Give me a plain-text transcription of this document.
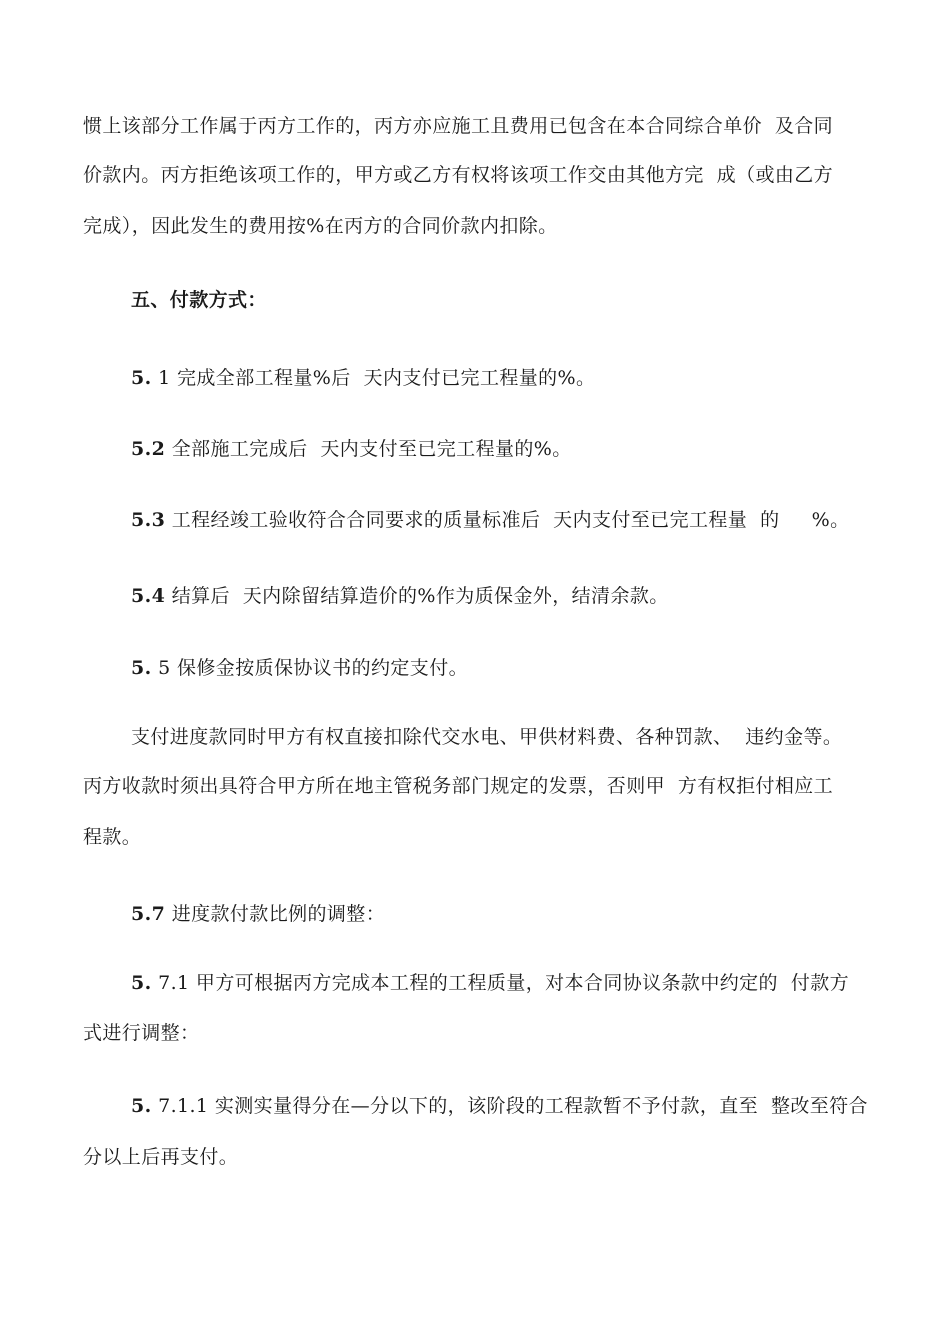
惯上该部分工作属于丙方工作的，丙方亦应施工且费用已包含在本合同综合单价  及合同
价款内。丙方拒绝该项工作的，甲方或乙方有权将该项工作交由其他方完  成（或由乙方
完成），因此发生的费用按%在丙方的合同价款内扣除。
五、付款方式：
5. 1 完成全部工程量%后  天内支付已完工程量的%。
5.2 全部施工完成后  天内支付至已完工程量的%。
5.3 工程经竣工验收符合合同要求的质量标准后  天内支付至已完工程量  的     %。
5.4 结算后  天内除留结算造价的%作为质保金外，结清余款。
5. 5 保修金按质保协议书的约定支付。
支付进度款同时甲方有权直接扣除代交水电、甲供材料费、各种罚款、  违约金等。
丙方收款时须出具符合甲方所在地主管税务部门规定的发票，否则甲  方有权拒付相应工
程款。
5.7 进度款付款比例的调整：
5. 7.1 甲方可根据丙方完成本工程的工程质量，对本合同协议条款中约定的  付款方
式进行调整：
5. 7.1.1 实测实量得分在—分以下的，该阶段的工程款暂不予付款，直至  整改至符合
分以上后再支付。
